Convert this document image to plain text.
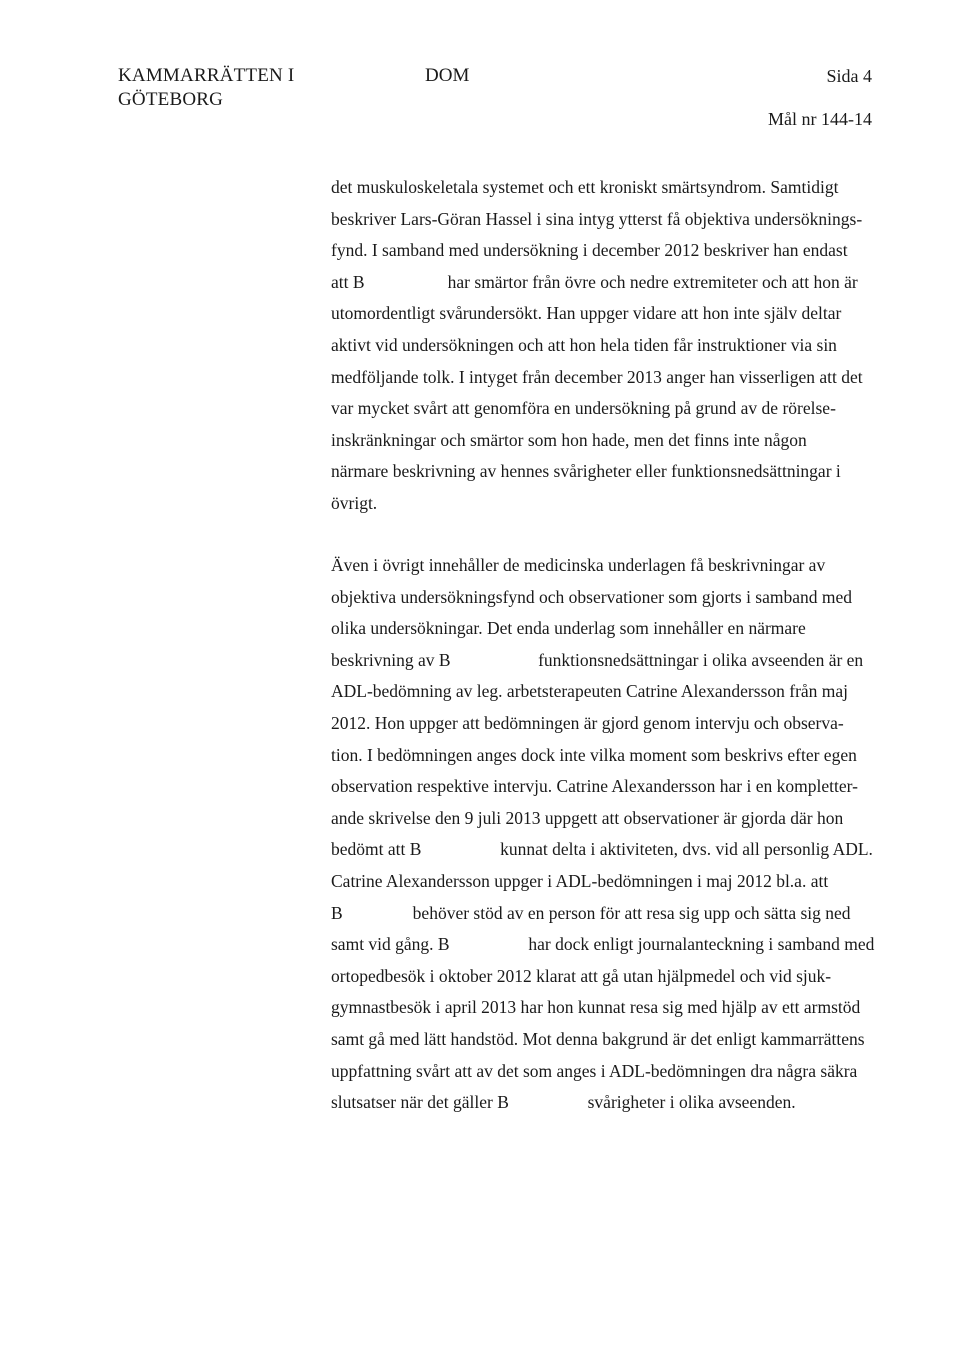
KAMMARRÄTTEN I
GÖTEBORG
DOM	Sida 4
Mål nr 144-14
det muskuloskeletala systemet och ett kroniskt smärtsyndrom. Samtidigt
beskriver Lars-Göran Hassel i sina intyg ytterst få objektiva undersöknings-
fynd. I samband med undersökning i december 2012 beskriver han endast
att B                   har smärtor från övre och nedre extremiteter och att hon är
utomordentligt svårundersökt. Han uppger vidare att hon inte själv deltar
aktivt vid undersökningen och att hon hela tiden får instruktioner via sin
medföljande tolk. I intyget från december 2013 anger han visserligen att det
var mycket svårt att genomföra en undersökning på grund av de rörelse-
inskränkningar och smärtor som hon hade, men det finns inte någon
närmare beskrivning av hennes svårigheter eller funktionsnedsättningar i
övrigt.
Även i övrigt innehåller de medicinska underlagen få beskrivningar av
objektiva undersökningsfynd och observationer som gjorts i samband med
olika undersökningar. Det enda underlag som innehåller en närmare
beskrivning av B                    funktionsnedsättningar i olika avseenden är en
ADL-bedömning av leg. arbetsterapeuten Catrine Alexandersson från maj
2012. Hon uppger att bedömningen är gjord genom intervju och observa-
tion. I bedömningen anges dock inte vilka moment som beskrivs efter egen
observation respektive intervju. Catrine Alexandersson har i en kompletter-
ande skrivelse den 9 juli 2013 uppgett att observationer är gjorda där hon
bedömt att B                  kunnat delta i aktiviteten, dvs. vid all personlig ADL.
Catrine Alexandersson uppger i ADL-bedömningen i maj 2012 bl.a. att
B                behöver stöd av en person för att resa sig upp och sätta sig ned
samt vid gång. B                  har dock enligt journalanteckning i samband med
ortopedbesök i oktober 2012 klarat att gå utan hjälpmedel och vid sjuk-
gymnastbesök i april 2013 har hon kunnat resa sig med hjälp av ett armstöd
samt gå med lätt handstöd. Mot denna bakgrund är det enligt kammarrättens
uppfattning svårt att av det som anges i ADL-bedömningen dra några säkra
slutsatser när det gäller B                  svårigheter i olika avseenden.
